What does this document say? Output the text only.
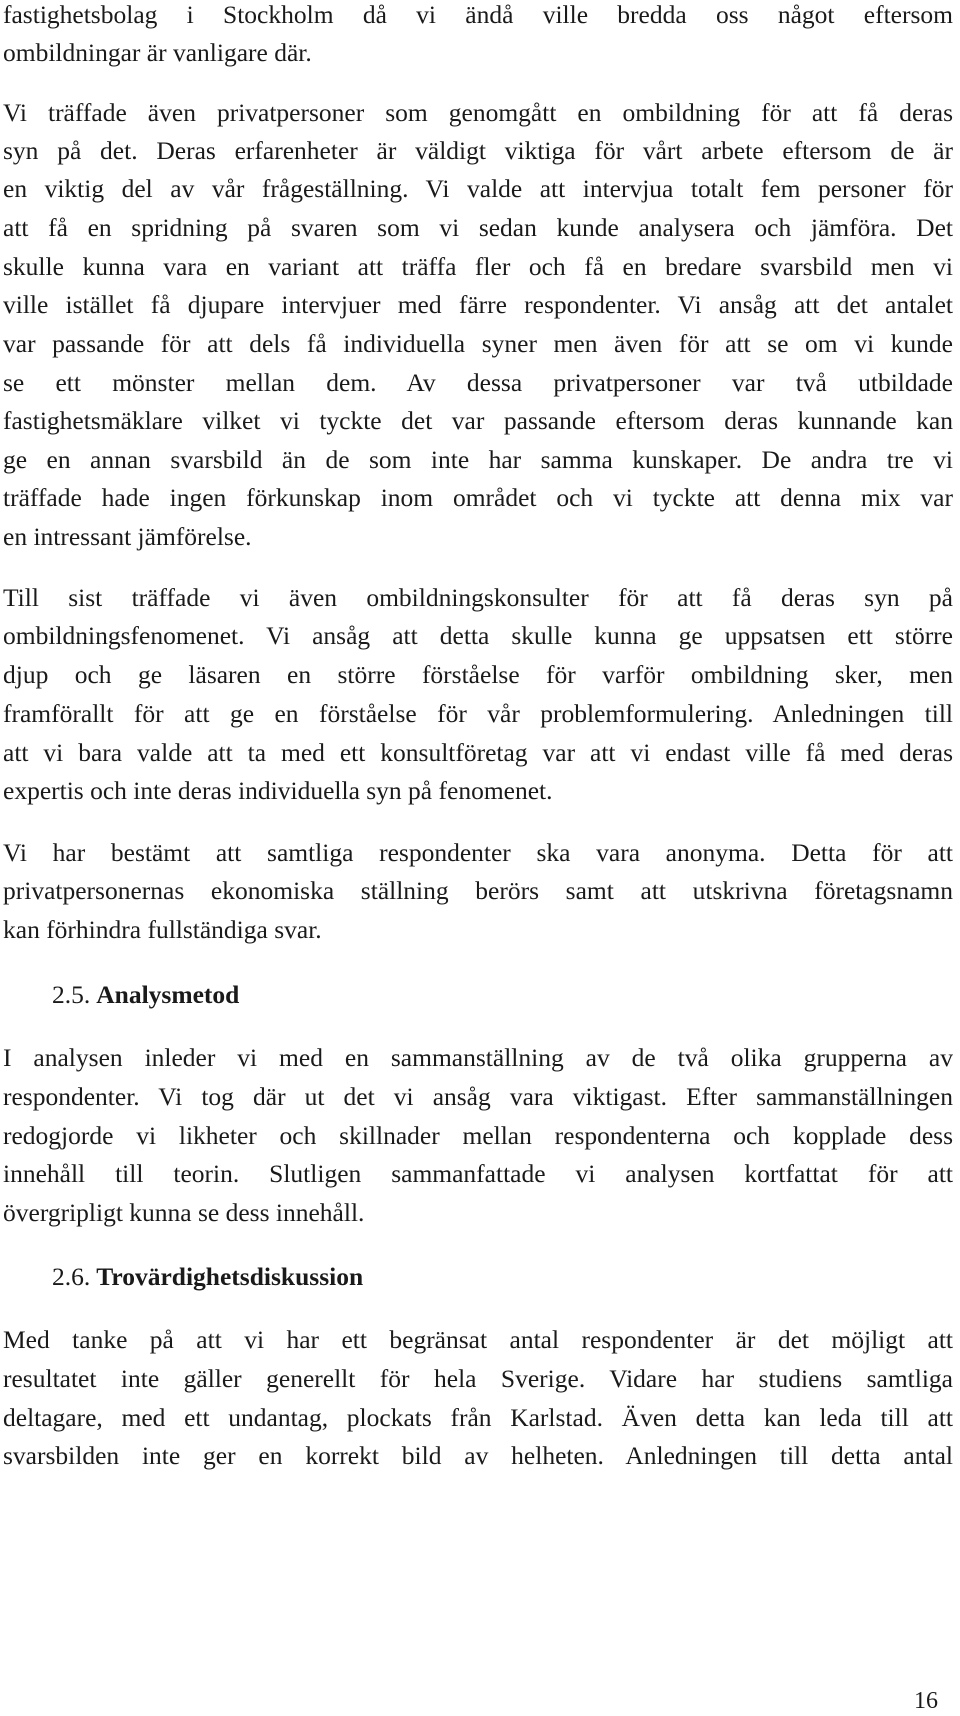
fastighetsbolag i Stockholm då vi ändå ville bredda oss något eftersom
ombildningar är vanligare där.
Vi träffade även privatpersoner som genomgått en ombildning för att få deras
syn på det. Deras erfarenheter är väldigt viktiga för vårt arbete eftersom de är
en viktig del av vår frågeställning. Vi valde att intervjua totalt fem personer för
att få en spridning på svaren som vi sedan kunde analysera och jämföra. Det
skulle kunna vara en variant att träffa fler och få en bredare svarsbild men vi
ville istället få djupare intervjuer med färre respondenter. Vi ansåg att det antalet
var passande för att dels få individuella syner men även för att se om vi kunde
se ett mönster mellan dem. Av dessa privatpersoner var två utbildade
fastighetsmäklare vilket vi tyckte det var passande eftersom deras kunnande kan
ge en annan svarsbild än de som inte har samma kunskaper. De andra tre vi
träffade hade ingen förkunskap inom området och vi tyckte att denna mix var
en intressant jämförelse.
Till sist träffade vi även ombildningskonsulter för att få deras syn på
ombildningsfenomenet. Vi ansåg att detta skulle kunna ge uppsatsen ett större
djup och ge läsaren en större förståelse för varför ombildning sker, men
framförallt för att ge en förståelse för vår problemformulering. Anledningen till
att vi bara valde att ta med ett konsultföretag var att vi endast ville få med deras
expertis och inte deras individuella syn på fenomenet.
Vi har bestämt att samtliga respondenter ska vara anonyma. Detta för att
privatpersonernas ekonomiska ställning berörs samt att utskrivna företagsnamn
kan förhindra fullständiga svar.
2.5. Analysmetod
I analysen inleder vi med en sammanställning av de två olika grupperna av
respondenter. Vi tog där ut det vi ansåg vara viktigast. Efter sammanställningen
redogjorde vi likheter och skillnader mellan respondenterna och kopplade dess
innehåll till teorin. Slutligen sammanfattade vi analysen kortfattat för att
övergripligt kunna se dess innehåll.
2.6. Trovärdighetsdiskussion
Med tanke på att vi har ett begränsat antal respondenter är det möjligt att
resultatet inte gäller generellt för hela Sverige. Vidare har studiens samtliga
deltagare, med ett undantag, plockats från Karlstad. Även detta kan leda till att
svarsbilden inte ger en korrekt bild av helheten. Anledningen till detta antal
16
